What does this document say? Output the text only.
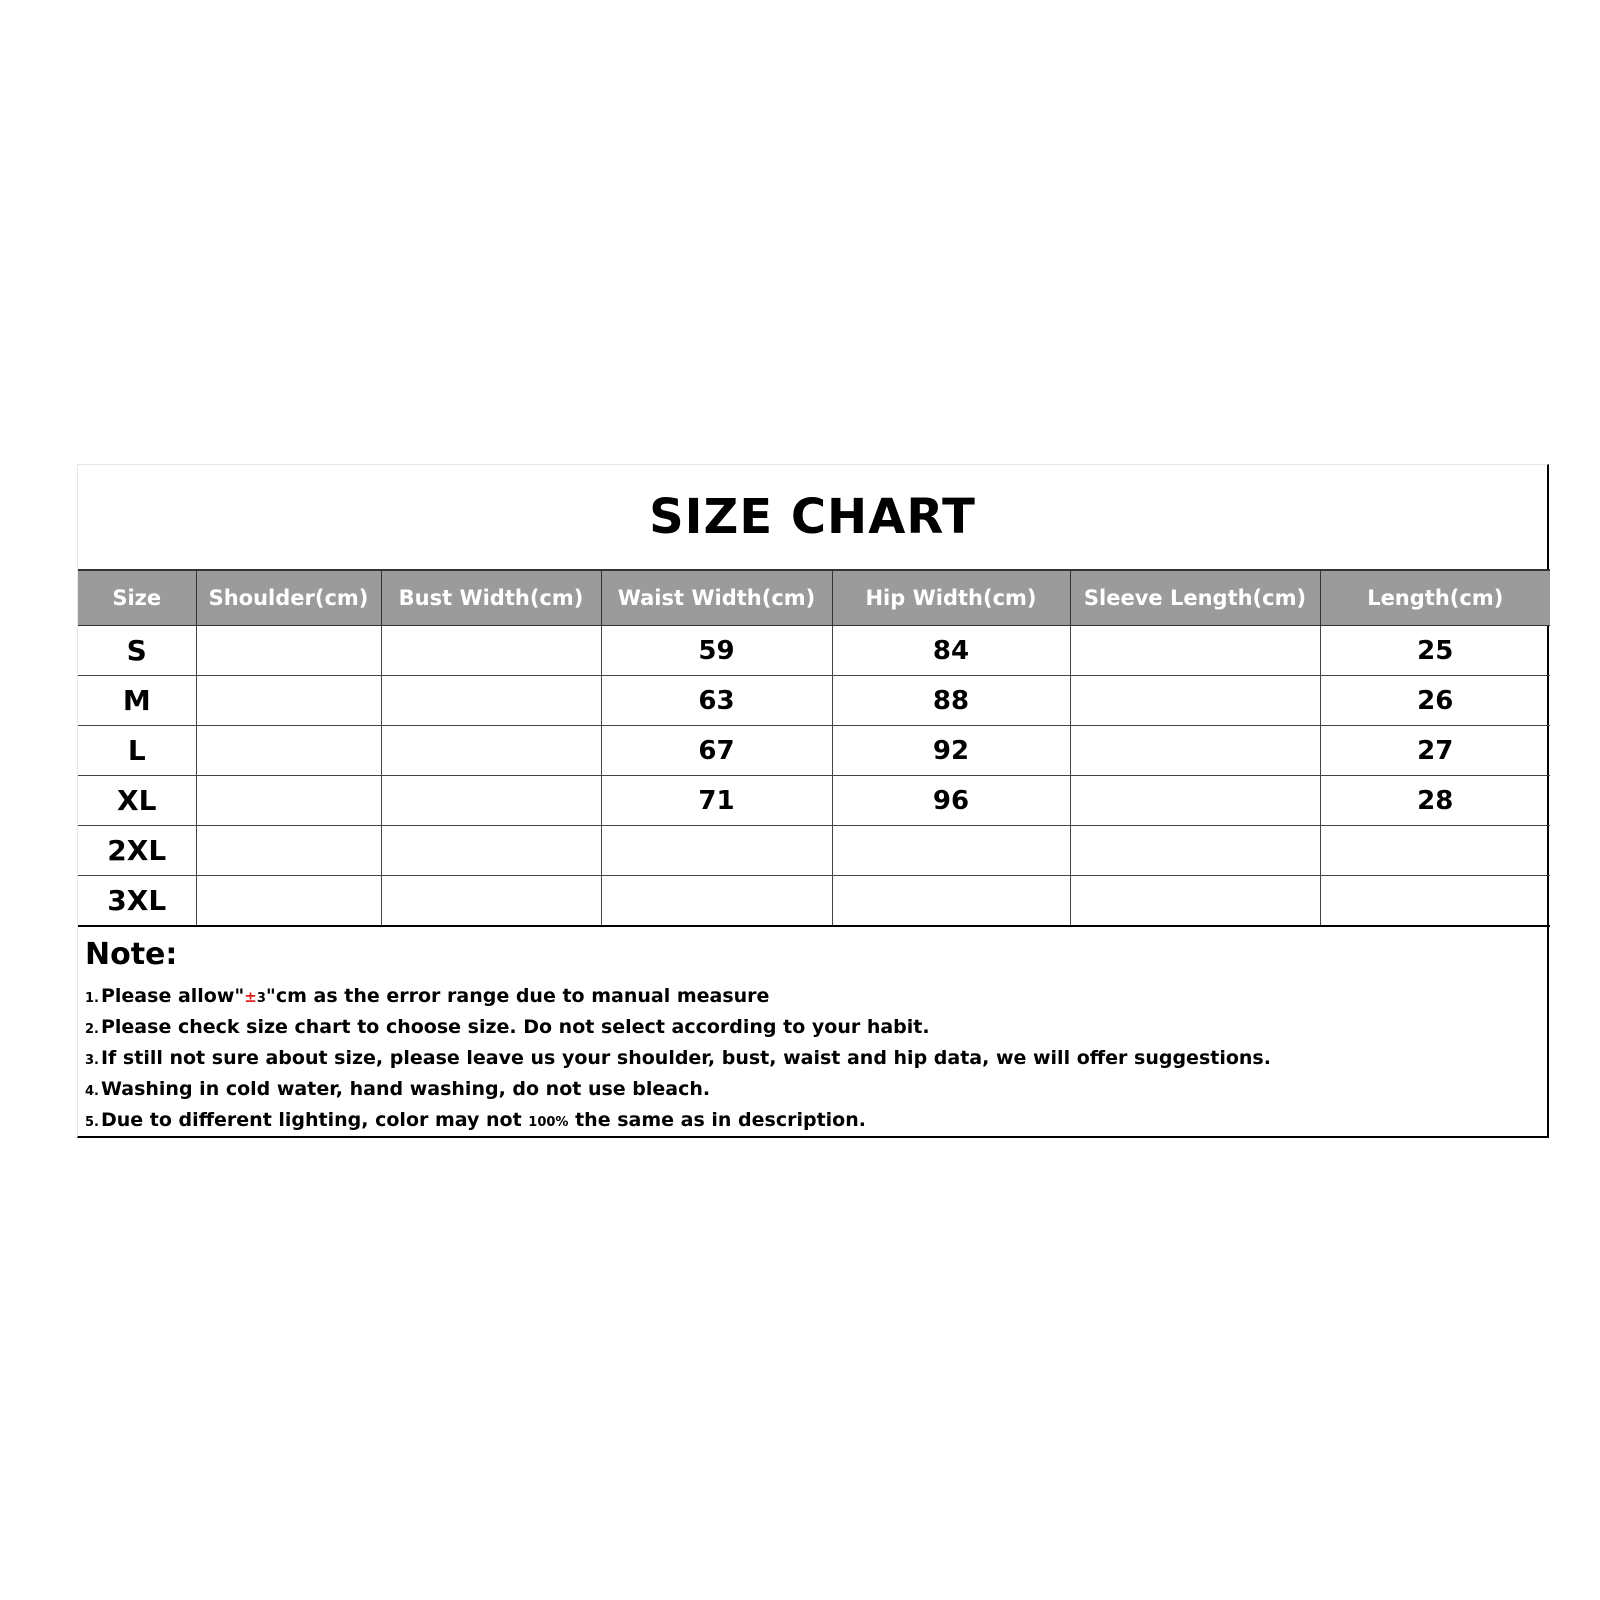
SIZE CHART
Size	Shoulder(cm)	Bust Width(cm)	Waist Width(cm)	Hip Width(cm)	Sleeve Length(cm)	Length(cm)
S			59	84		25
M			63	88		26
L			67	92		27
XL			71	96		28
2XL						
3XL						
Note:
1. Please allow"±3"cm as the error range due to manual measure
2. Please check size chart to choose size. Do not select according to your habit.
3. If still not sure about size, please leave us your shoulder, bust, waist and hip data, we will offer suggestions.
4. Washing in cold water, hand washing, do not use bleach.
5. Due to different lighting, color may not 100% the same as in description.
